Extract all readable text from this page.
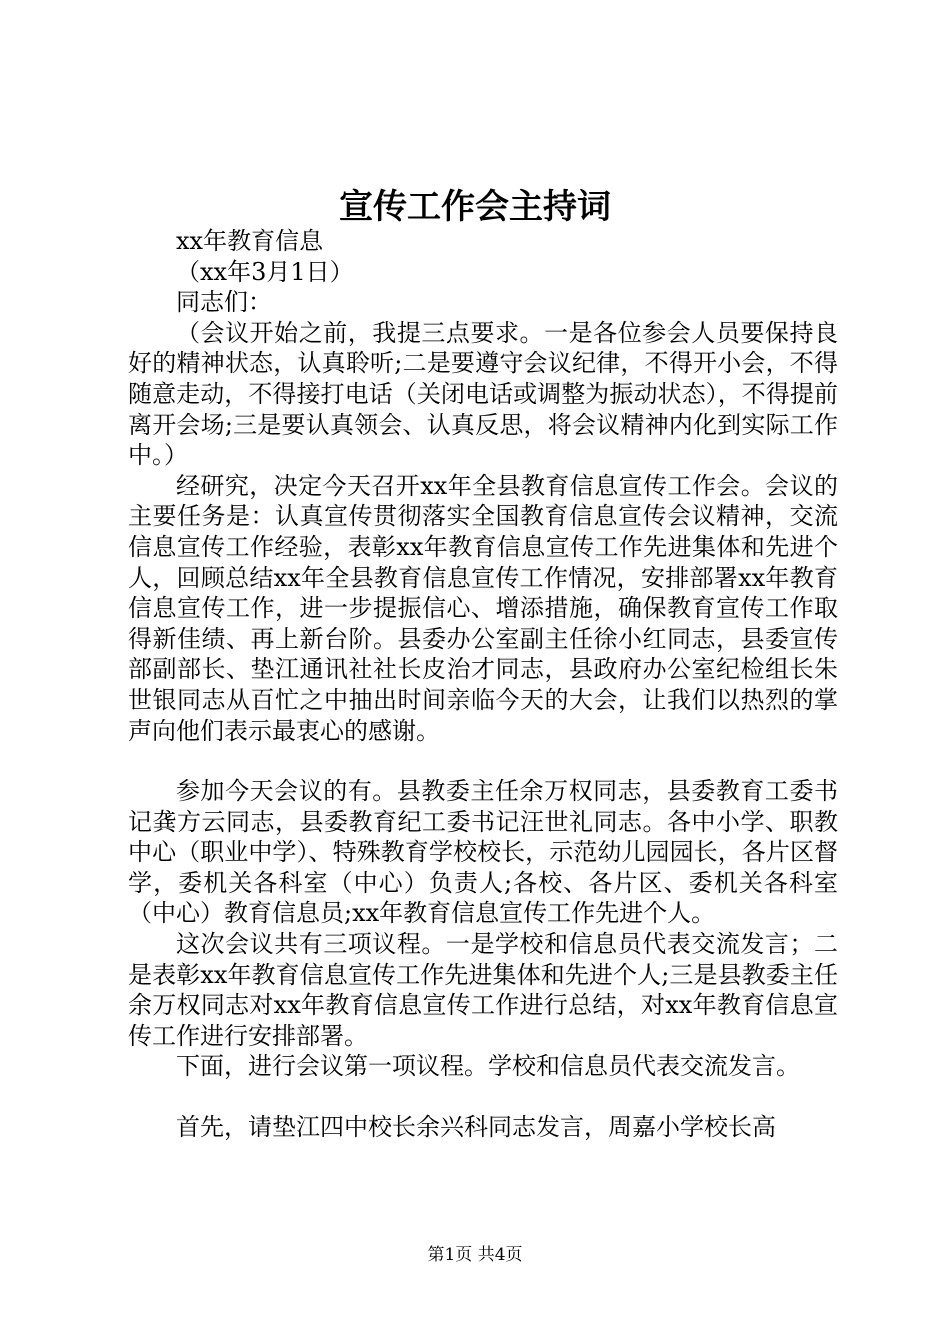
宣传工作会主持词

xx年教育信息

（xx年3月1日）

同志们：

（会议开始之前，我提三点要求。一是各位参会人员要保持良好的精神状态，认真聆听;二是要遵守会议纪律，不得开小会，不得随意走动，不得接打电话（关闭电话或调整为振动状态），不得提前离开会场;三是要认真领会、认真反思，将会议精神内化到实际工作中。）

经研究，决定今天召开xx年全县教育信息宣传工作会。会议的主要任务是：认真宣传贯彻落实全国教育信息宣传会议精神，交流信息宣传工作经验，表彰xx年教育信息宣传工作先进集体和先进个人，回顾总结xx年全县教育信息宣传工作情况，安排部署xx年教育信息宣传工作，进一步提振信心、增添措施，确保教育宣传工作取得新佳绩、再上新台阶。县委办公室副主任徐小红同志，县委宣传部副部长、垫江通讯社社长皮治才同志，县政府办公室纪检组长朱世银同志从百忙之中抽出时间亲临今天的大会，让我们以热烈的掌声向他们表示最衷心的感谢。

参加今天会议的有。县教委主任余万权同志，县委教育工委书记龚方云同志，县委教育纪工委书记汪世礼同志。各中小学、职教中心（职业中学）、特殊教育学校校长，示范幼儿园园长，各片区督学，委机关各科室（中心）负责人;各校、各片区、委机关各科室（中心）教育信息员;xx年教育信息宣传工作先进个人。

这次会议共有三项议程。一是学校和信息员代表交流发言；二是表彰xx年教育信息宣传工作先进集体和先进个人;三是县教委主任余万权同志对xx年教育信息宣传工作进行总结，对xx年教育信息宣传工作进行安排部署。

下面，进行会议第一项议程。学校和信息员代表交流发言。

首先，请垫江四中校长余兴科同志发言，周嘉小学校长高

第1页 共4页
